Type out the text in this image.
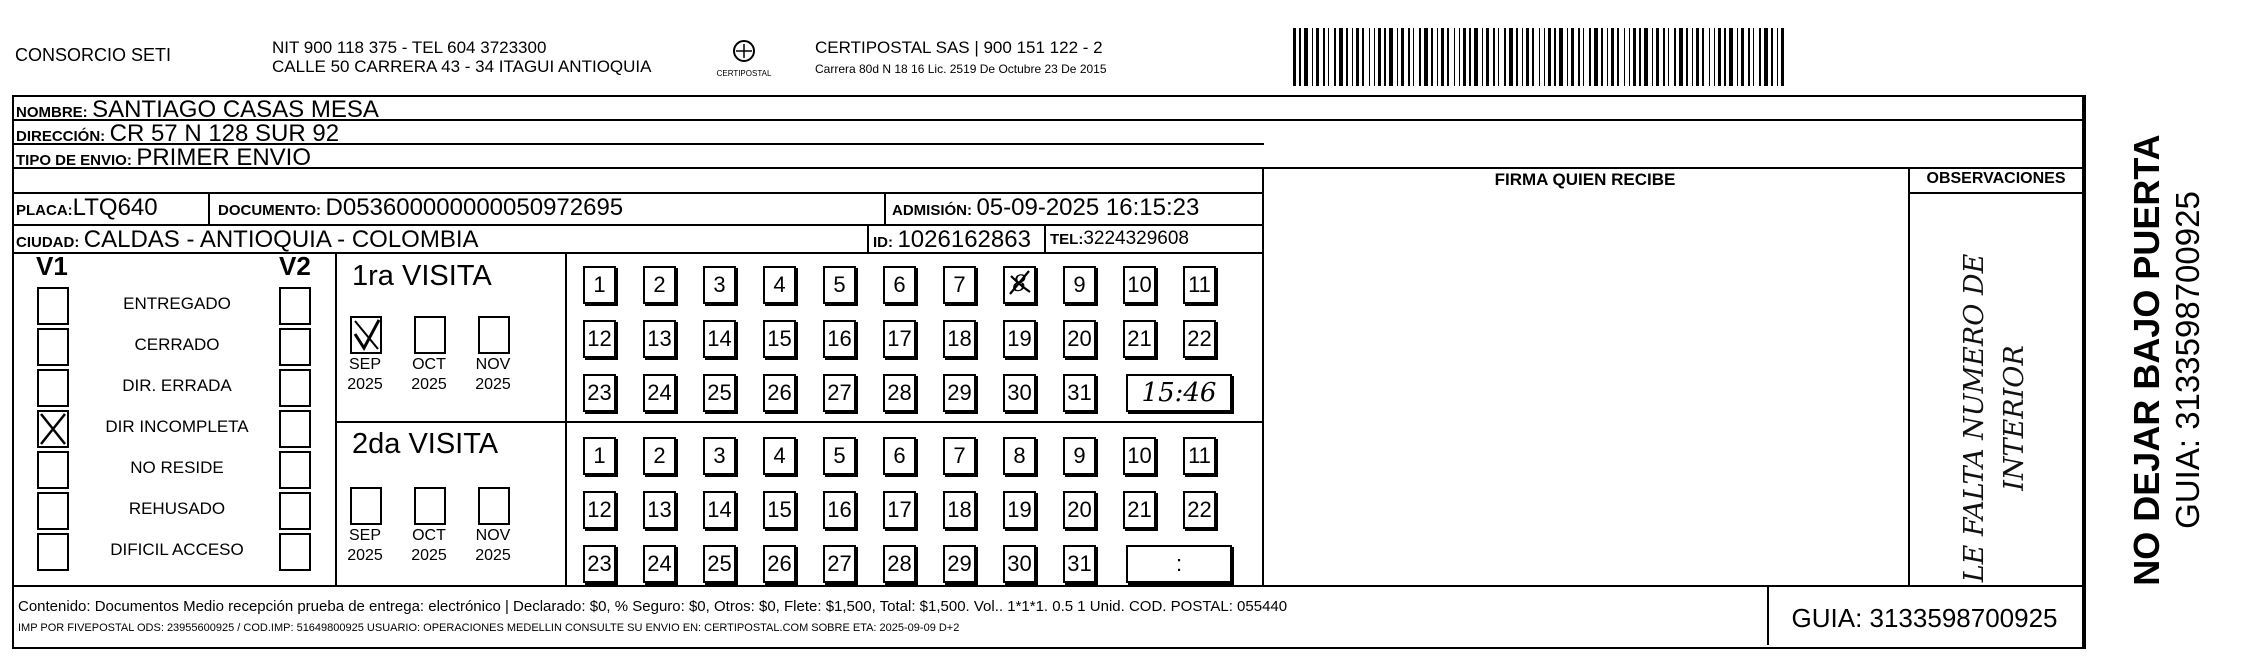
CONSORCIO SETI	NIT 900 118 375 - TEL 604 3723300
CALLE 50 CARRERA 43 - 34 ITAGUI ANTIOQUIA	CERTIPOSTAL
CERTIPOSTAL SAS | 900 151 122 - 2
Carrera 80d N 18 16 Lic. 2519 De Octubre 23 De 2015
NOMBRE: SANTIAGO CASAS MESA
DIRECCIÓN: CR 57 N 128 SUR 92
TIPO DE ENVIO: PRIMER ENVIO
PLACA:LTQ640	DOCUMENTO: D053600000000050972695	ADMISIÓN: 05-09-2025 16:15:23
CIUDAD: CALDAS - ANTIOQUIA - COLOMBIA	ID: 1026162863 TEL:3224329608
FIRMA QUIEN RECIBE	OBSERVACIONES
LE FALTA NUMERO DE INTERIOR	NO DEJAR BAJO PUERTA GUIA: 3133598700925
V1	V2
ENTREGADO
CERRADO
DIR. ERRADA
DIR INCOMPLETA
NO RESIDE
REHUSADO
DIFICIL ACCESO
1ra VISITA
SEP
2025
OCT
2025
NOV
2025
1	2	3	4	5	6	7	8	9	10 11
12 13 14 15 16 17 18 19 20 21 22
23 24 25 26 27 28 29 30 31	15:46
2da VISITA
SEP
2025
OCT
2025
NOV
2025
1	2	3	4	5	6	7	8	9	10 11
12 13 14 15 16 17 18 19 20 21 22
23 24 25 26 27 28 29 30 31	:
Contenido: Documentos Medio recepción prueba de entrega: electrónico | Declarado: $0, % Seguro: $0, Otros: $0, Flete: $1,500, Total: $1,500. Vol.. 1*1*1. 0.5 1 Unid. COD. POSTAL: 055440
IMP POR FIVEPOSTAL ODS: 23955600925 / COD.IMP: 51649800925 USUARIO: OPERACIONES MEDELLIN CONSULTE SU ENVIO EN: CERTIPOSTAL.COM SOBRE ETA: 2025-09-09 D+2	GUIA: 3133598700925
